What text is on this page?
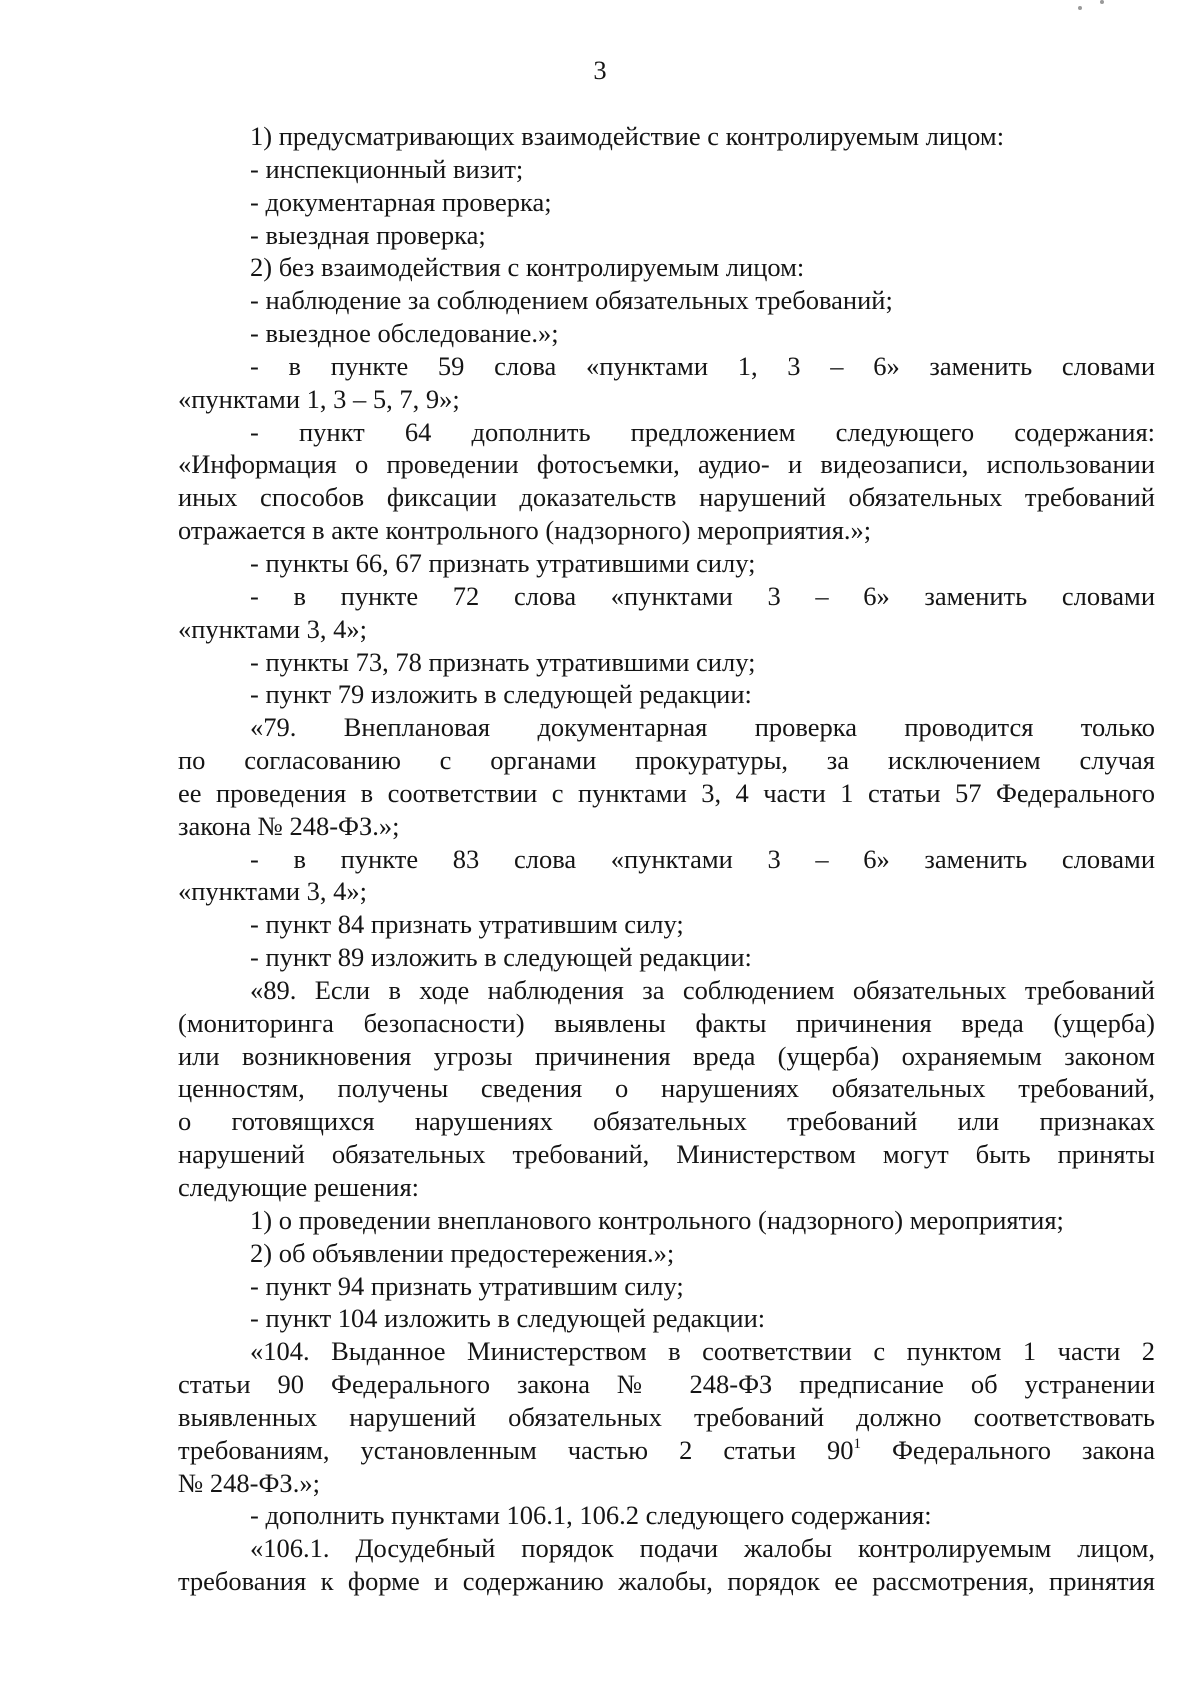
3
1) предусматривающих взаимодействие с контролируемым лицом:
- инспекционный визит;
- документарная проверка;
- выездная проверка;
2) без взаимодействия с контролируемым лицом:
- наблюдение за соблюдением обязательных требований;
- выездное обследование.»;
- в пункте 59 слова «пунктами 1, 3 – 6» заменить словами
«пунктами 1, 3 – 5, 7, 9»;
- пункт 64 дополнить предложением следующего содержания:
«Информация о проведении фотосъемки, аудио- и видеозаписи, использовании
иных способов фиксации доказательств нарушений обязательных требований
отражается в акте контрольного (надзорного) мероприятия.»;
- пункты 66, 67 признать утратившими силу;
- в пункте 72 слова «пунктами 3 – 6» заменить словами
«пунктами 3, 4»;
- пункты 73, 78 признать утратившими силу;
- пункт 79 изложить в следующей редакции:
«79. Внеплановая документарная проверка проводится только
по согласованию с органами прокуратуры, за исключением случая
ее проведения в соответствии с пунктами 3, 4 части 1 статьи 57 Федерального
закона № 248-ФЗ.»;
- в пункте 83 слова «пунктами 3 – 6» заменить словами
«пунктами 3, 4»;
- пункт 84 признать утратившим силу;
- пункт 89 изложить в следующей редакции:
«89. Если в ходе наблюдения за соблюдением обязательных требований
(мониторинга безопасности) выявлены факты причинения вреда (ущерба)
или возникновения угрозы причинения вреда (ущерба) охраняемым законом
ценностям, получены сведения о нарушениях обязательных требований,
о готовящихся нарушениях обязательных требований или признаках
нарушений обязательных требований, Министерством могут быть приняты
следующие решения:
1) о проведении внепланового контрольного (надзорного) мероприятия;
2) об объявлении предостережения.»;
- пункт 94 признать утратившим силу;
- пункт 104 изложить в следующей редакции:
«104. Выданное Министерством в соответствии с пунктом 1 части 2
статьи 90 Федерального закона № 248-ФЗ предписание об устранении
выявленных нарушений обязательных требований должно соответствовать
требованиям, установленным частью 2 статьи $90^1$ Федерального закона
№ 248-ФЗ.»;
- дополнить пунктами 106.1, 106.2 следующего содержания:
«106.1. Досудебный порядок подачи жалобы контролируемым лицом,
требования к форме и содержанию жалобы, порядок ее рассмотрения, принятия
